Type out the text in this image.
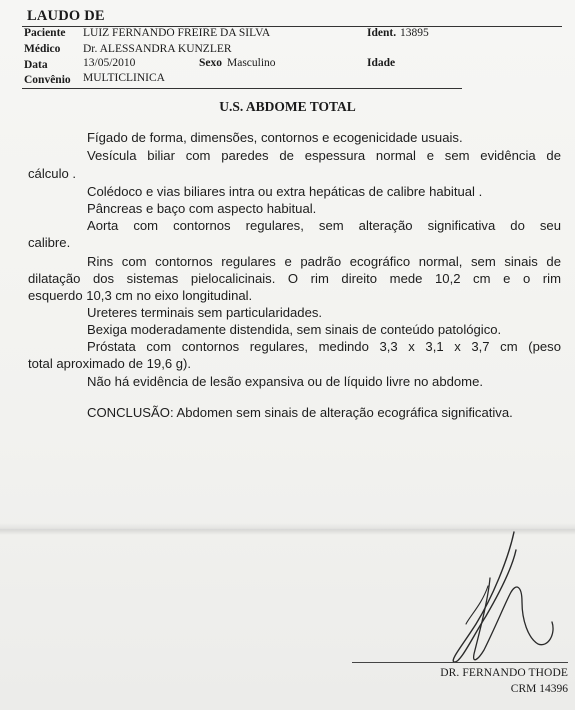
LAUDO DE
Paciente LUIZ FERNANDO FREIRE DA SILVA	Ident. 13895
Médico Dr. ALESSANDRA KUNZLER
Data	13/05/2010	Sexo Masculino	Idade
Convênio MULTICLINICA
U.S. ABDOME TOTAL
Fígado de forma, dimensões, contornos e ecogenicidade usuais.
Vesícula biliar com paredes de espessura normal e sem evidência de
cálculo .
Colédoco e vias biliares intra ou extra hepáticas de calibre habitual .
Pâncreas e baço com aspecto habitual.
Aorta com contornos regulares, sem alteração significativa do seu
calibre.
Rins com contornos regulares e padrão ecográfico normal, sem sinais de
dilatação dos sistemas pielocalicinais. O rim direito mede 10,2 cm e o rim
esquerdo 10,3 cm no eixo longitudinal.
Ureteres terminais sem particularidades.
Bexiga moderadamente distendida, sem sinais de conteúdo patológico.
Próstata com contornos regulares, medindo 3,3 x 3,1 x 3,7 cm (peso
total aproximado de 19,6 g).
Não há evidência de lesão expansiva ou de líquido livre no abdome.
CONCLUSÃO: Abdomen sem sinais de alteração ecográfica significativa.
DR. FERNANDO THODE
CRM 14396
